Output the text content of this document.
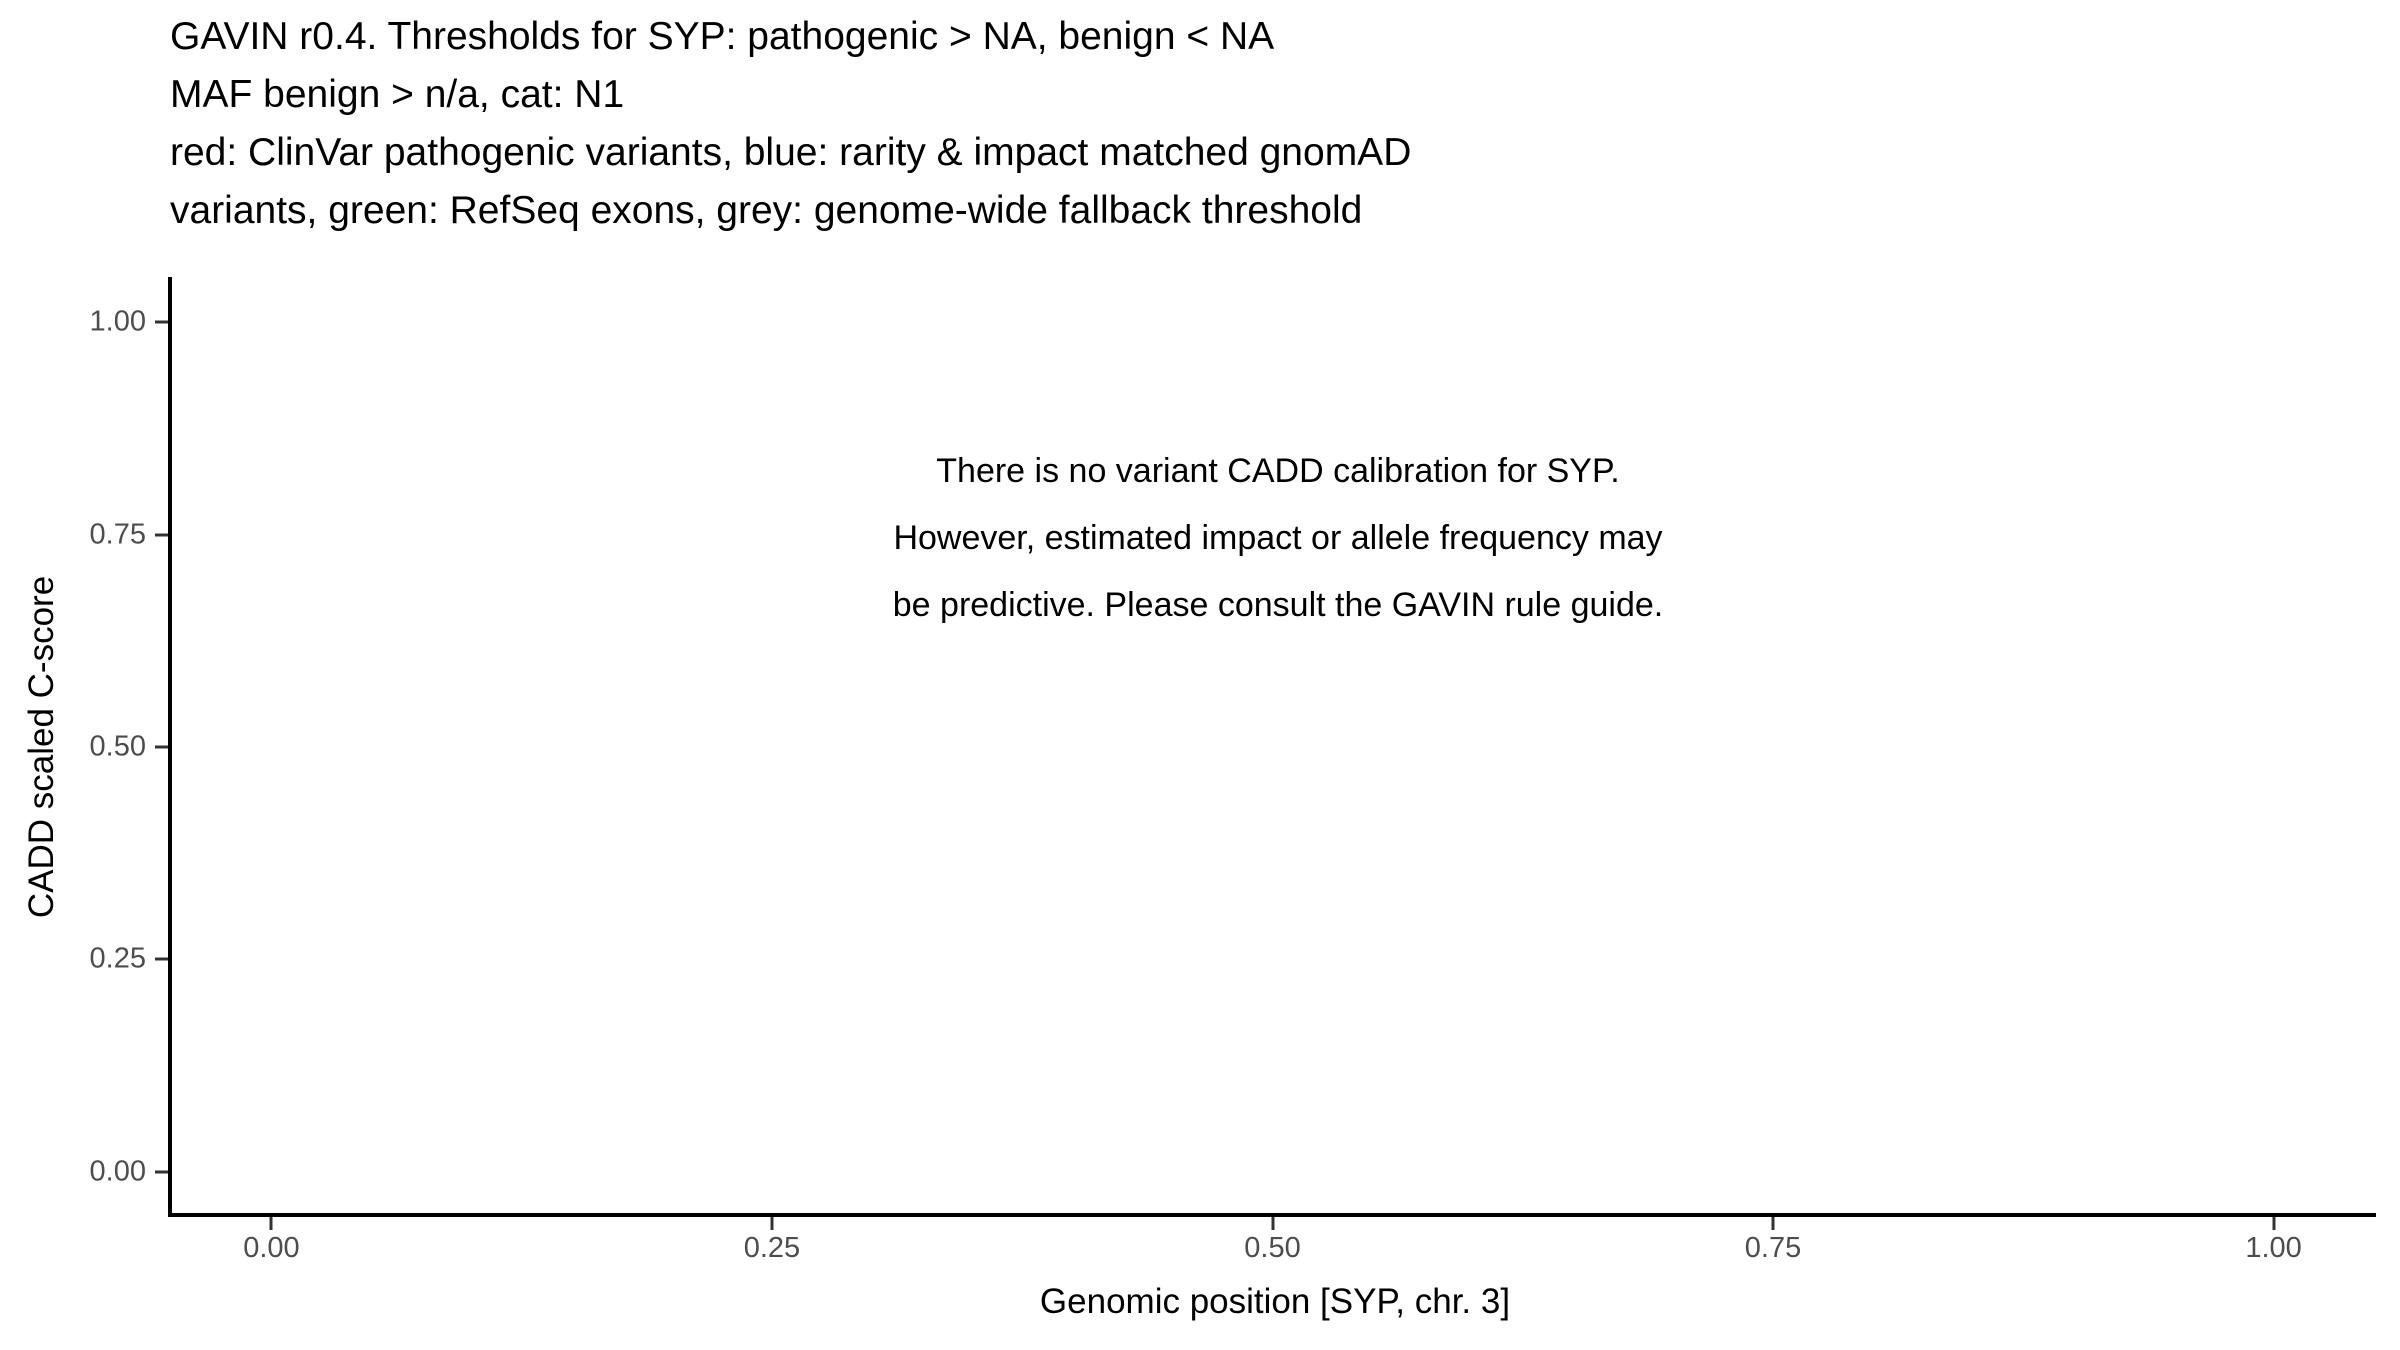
GAVIN r0.4. Thresholds for SYP: pathogenic > NA, benign < NA
MAF benign > n/a, cat: N1
red: ClinVar pathogenic variants, blue: rarity & impact matched gnomAD
variants, green: RefSeq exons, grey: genome-wide fallback threshold
There is no variant CADD calibration for SYP.
However, estimated impact or allele frequency may
be predictive. Please consult the GAVIN rule guide.
Genomic position [SYP, chr. 3]
CADD scaled C-score
0.00	0.25	0.50	0.75	1.00
0.00
0.25
0.50
0.75
1.00
